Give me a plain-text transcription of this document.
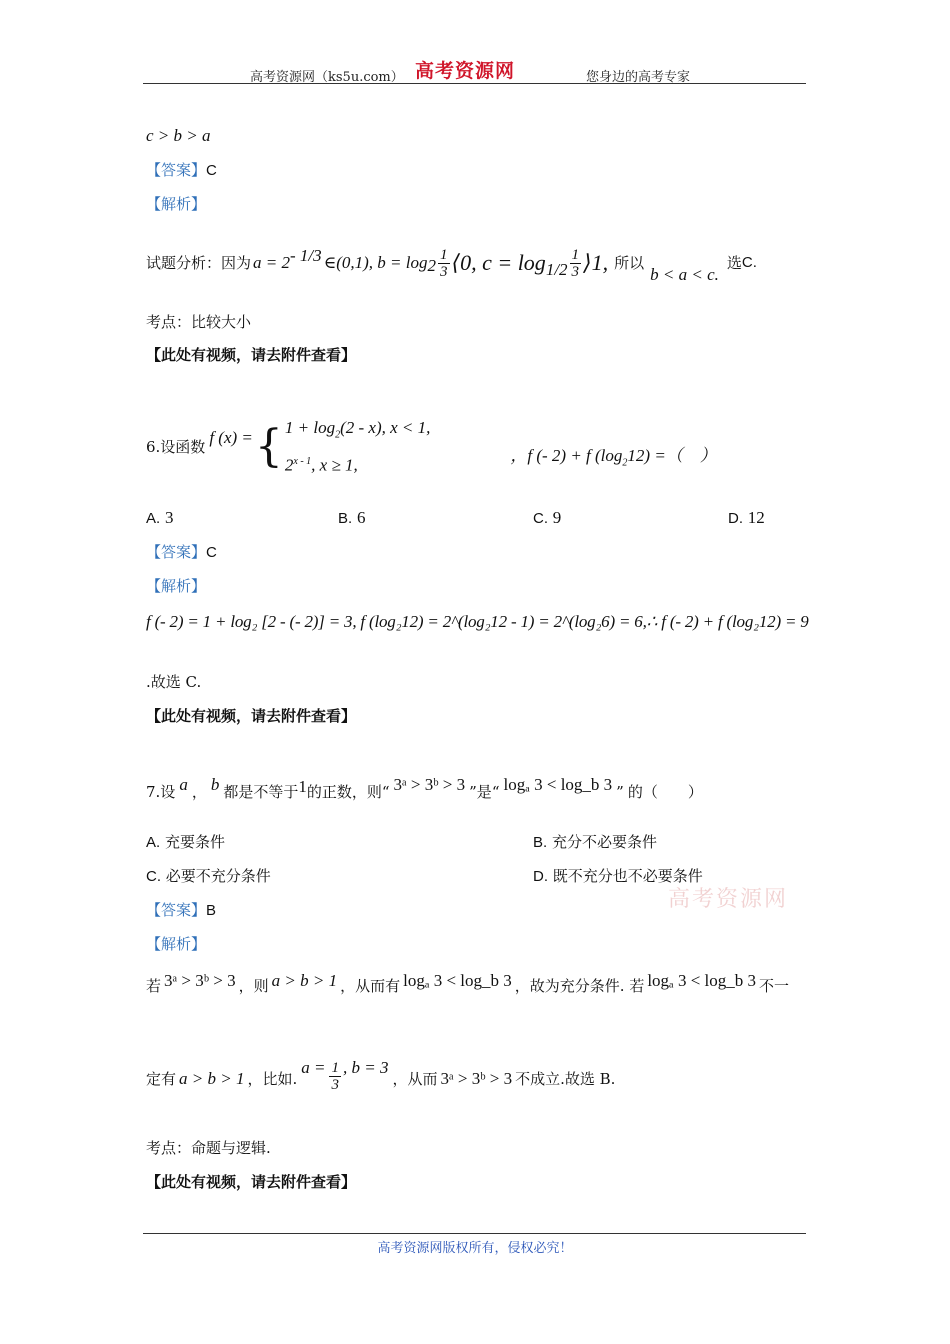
高考资源网（ks5u.com） 高考资源网	您身边的高考专家
c > b > a
【答案】C
【解析】
试题分析：因为 a = 2 - 1/3 ∈(0,1), $b = \log 2 \frac{1}{3}$ ⟨0, $c = \log 1/2 \frac{1}{3}$ ⟩1, 所以
b < a < c.
选 C.
考点：比较大小
【此处有视频，请去附件查看】
6.设函数 f (x) = { $1 + \log_2(2 - x)$, x < 1,
2$^{x - 1}$, x ≥ 1,	，f (- 2) + f $(\log_212)$ =（　）
A. 3	B. 6	C. 9	D. 12
【答案】C
【解析】
f (- 2) = 1 + log₂ [2 - (- 2)] = 3, f (log₂12) = 2^(log₂12 - 1) = 2^(log₂6) = 6,∴ f (- 2) + f (log₂12) = 9
.故选 C.
【此处有视频，请去附件查看】
7.设 a ， b 都是不等于 1 的正数，则 “ 3ᵃ > 3ᵇ > 3 ” 是 “ logₐ 3 < log_b 3 ” 的（　　）
A. 充要条件	B. 充分不必要条件
C. 必要不充分条件	D. 既不充分也不必要条件
高考资源网
【答案】B
【解析】
若 3ᵃ > 3ᵇ > 3 ，则 a > b > 1 ，从而有 logₐ 3 < log_b 3 ，故为充分条件. 若 logₐ 3 < log_b 3 不一
定有 a > b > 1 ，比如.
$a = \frac{1}{3}$ , b = 3
，从而 3ᵃ > 3ᵇ > 3 不成立.故选 B.
考点：命题与逻辑.
【此处有视频，请去附件查看】
高考资源网版权所有，侵权必究！
